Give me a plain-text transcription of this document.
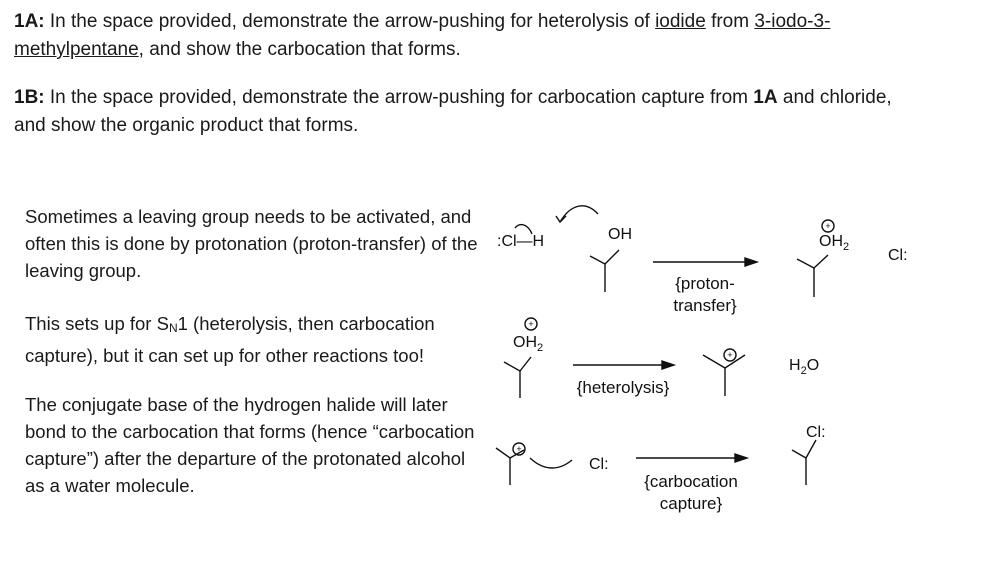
1A: In the space provided, demonstrate the arrow-pushing for heterolysis of iodide from 3-iodo-3-
methylpentane, and show the carbocation that forms.
1B: In the space provided, demonstrate the arrow-pushing for carbocation capture from 1A and chloride, and show the organic product that forms.
Sometimes a leaving group needs to be activated, and often this is done by protonation (proton-transfer) of the leaving group.
This sets up for SN1 (heterolysis, then carbocation capture), but it can set up for other reactions too!
The conjugate base of the hydrogen halide will later bond to the carbocation that forms (hence “carbocation capture”) after the departure of the protonated alcohol as a water molecule.
+
+
+
+
:Cl—H	OH	$OH_2$ Cl:
{proton-transfer}
$OH_2$
{heterolysis}
$H_2O$
Cl:
{carbocation capture}
Cl:
